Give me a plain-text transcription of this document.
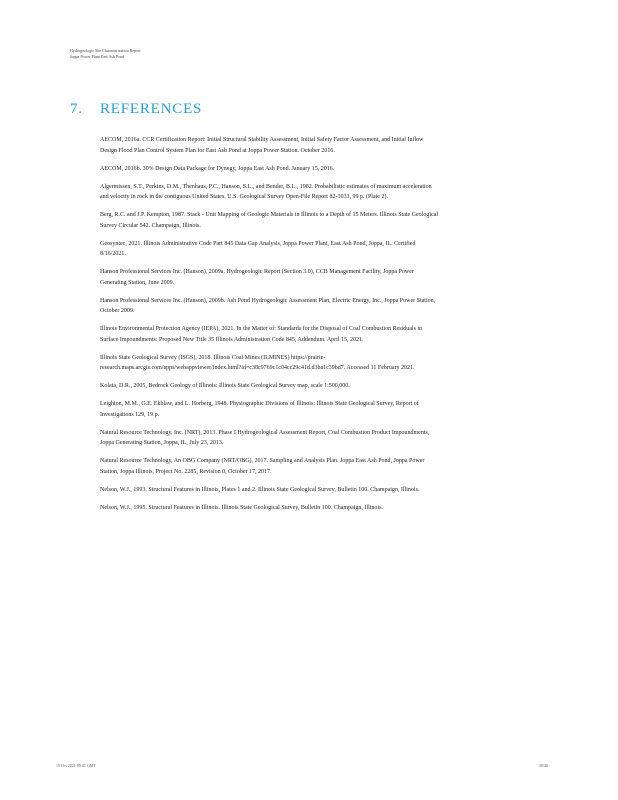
Hydrogeologic Site Characterization Report
Joppa Power Plant East Ash Pond
7. REFERENCES

AECOM, 2016a. CCR Certification Report: Initial Structural Stability Assessment, Initial Safety Factor Assessment, and Initial Inflow Design Flood Plan Control System Plan for East Ash Pond at Joppa Power Station. October 2016.

AECOM, 2016b. 30% Design Data Package for Dynegy, Joppa East Ash Pond. January 15, 2016.

Algermissen, S.T., Perkins, D.M., Thenhaus, P.C., Hanson, S.L., and Bender, B.L., 1982. Probabilistic estimates of maximum acceleration and velocity in rock in the contiguous United States. U.S. Geological Survey Open-File Report 82-1033, 99 p. (Plate 2).

Berg, R.C. and J.P. Kempton, 1987. Stack - Unit Mapping of Geologic Materials in Illinois to a Depth of 15 Meters. Illinois State Geological Survey Circular 542. Champaign, Illinois.

Geosyntec, 2021. Illinois Administrative Code Part 845 Data Gap Analysis, Joppa Power Plant, East Ash Pond, Joppa, IL. Certified 8/16/2021.

Hanson Professional Services Inc. (Hanson), 2009a. Hydrogeologic Report (Section 3.0), CCB Management Facility, Joppa Power Generating Station, June 2009.

Hanson Professional Services Inc. (Hanson), 2009b. Ash Pond Hydrogeologic Assessment Plan, Electric Energy, Inc., Joppa Power Station, October 2009.

Illinois Environmental Protection Agency (IEPA), 2021. In the Matter of: Standards for the Disposal of Coal Combustion Residuals in Surface Impoundments: Proposed New Title 35 Illinois Administration Code 845, Addendum. April 15, 2021.

Illinois State Geological Survey (ISGS), 2018. Illinois Coal Mines (ILMINES) https://prairie-research.maps.arcgis.com/apps/webappviewer/index.html?id=c38c9769c1c04cc29c41d.d3ba1c39bd7. Accessed 11 February 2021.

Kolata, D.R., 2005, Bedrock Geology of Illinois: Illinois State Geological Survey map, scale 1:500,000.

Leighton, M.M., G.E. Ekblaw, and L. Horberg, 1948. Physiographic Divisions of Illinois: Illinois State Geological Survey, Report of Investigations 129, 19 p.

Natural Resource Technology, Inc. (NRT), 2013. Phase I Hydrogeological Assessment Report, Coal Combustion Product Impoundments, Joppa Generating Station, Joppa, IL, July 23, 2013.

Natural Resource Technology, An OBG Company (NRT/OBG), 2017. Sampling and Analysis Plan. Joppa East Ash Pond, Joppa Power Station, Joppa Illinois, Project No. 2285, Revision 0, October 17, 2017.

Nelson, W.J., 1993. Structural Features in Illinois, Plates 1 and 2. Illinois State Geological Survey, Bulletin 100. Champaign, Illinois.

Nelson, W.J., 1995. Structural Features in Illinois. Illinois State Geological Survey, Bulletin 100. Champaign, Illinois.

15 Oct 2021 09:41 GMT	39/46
